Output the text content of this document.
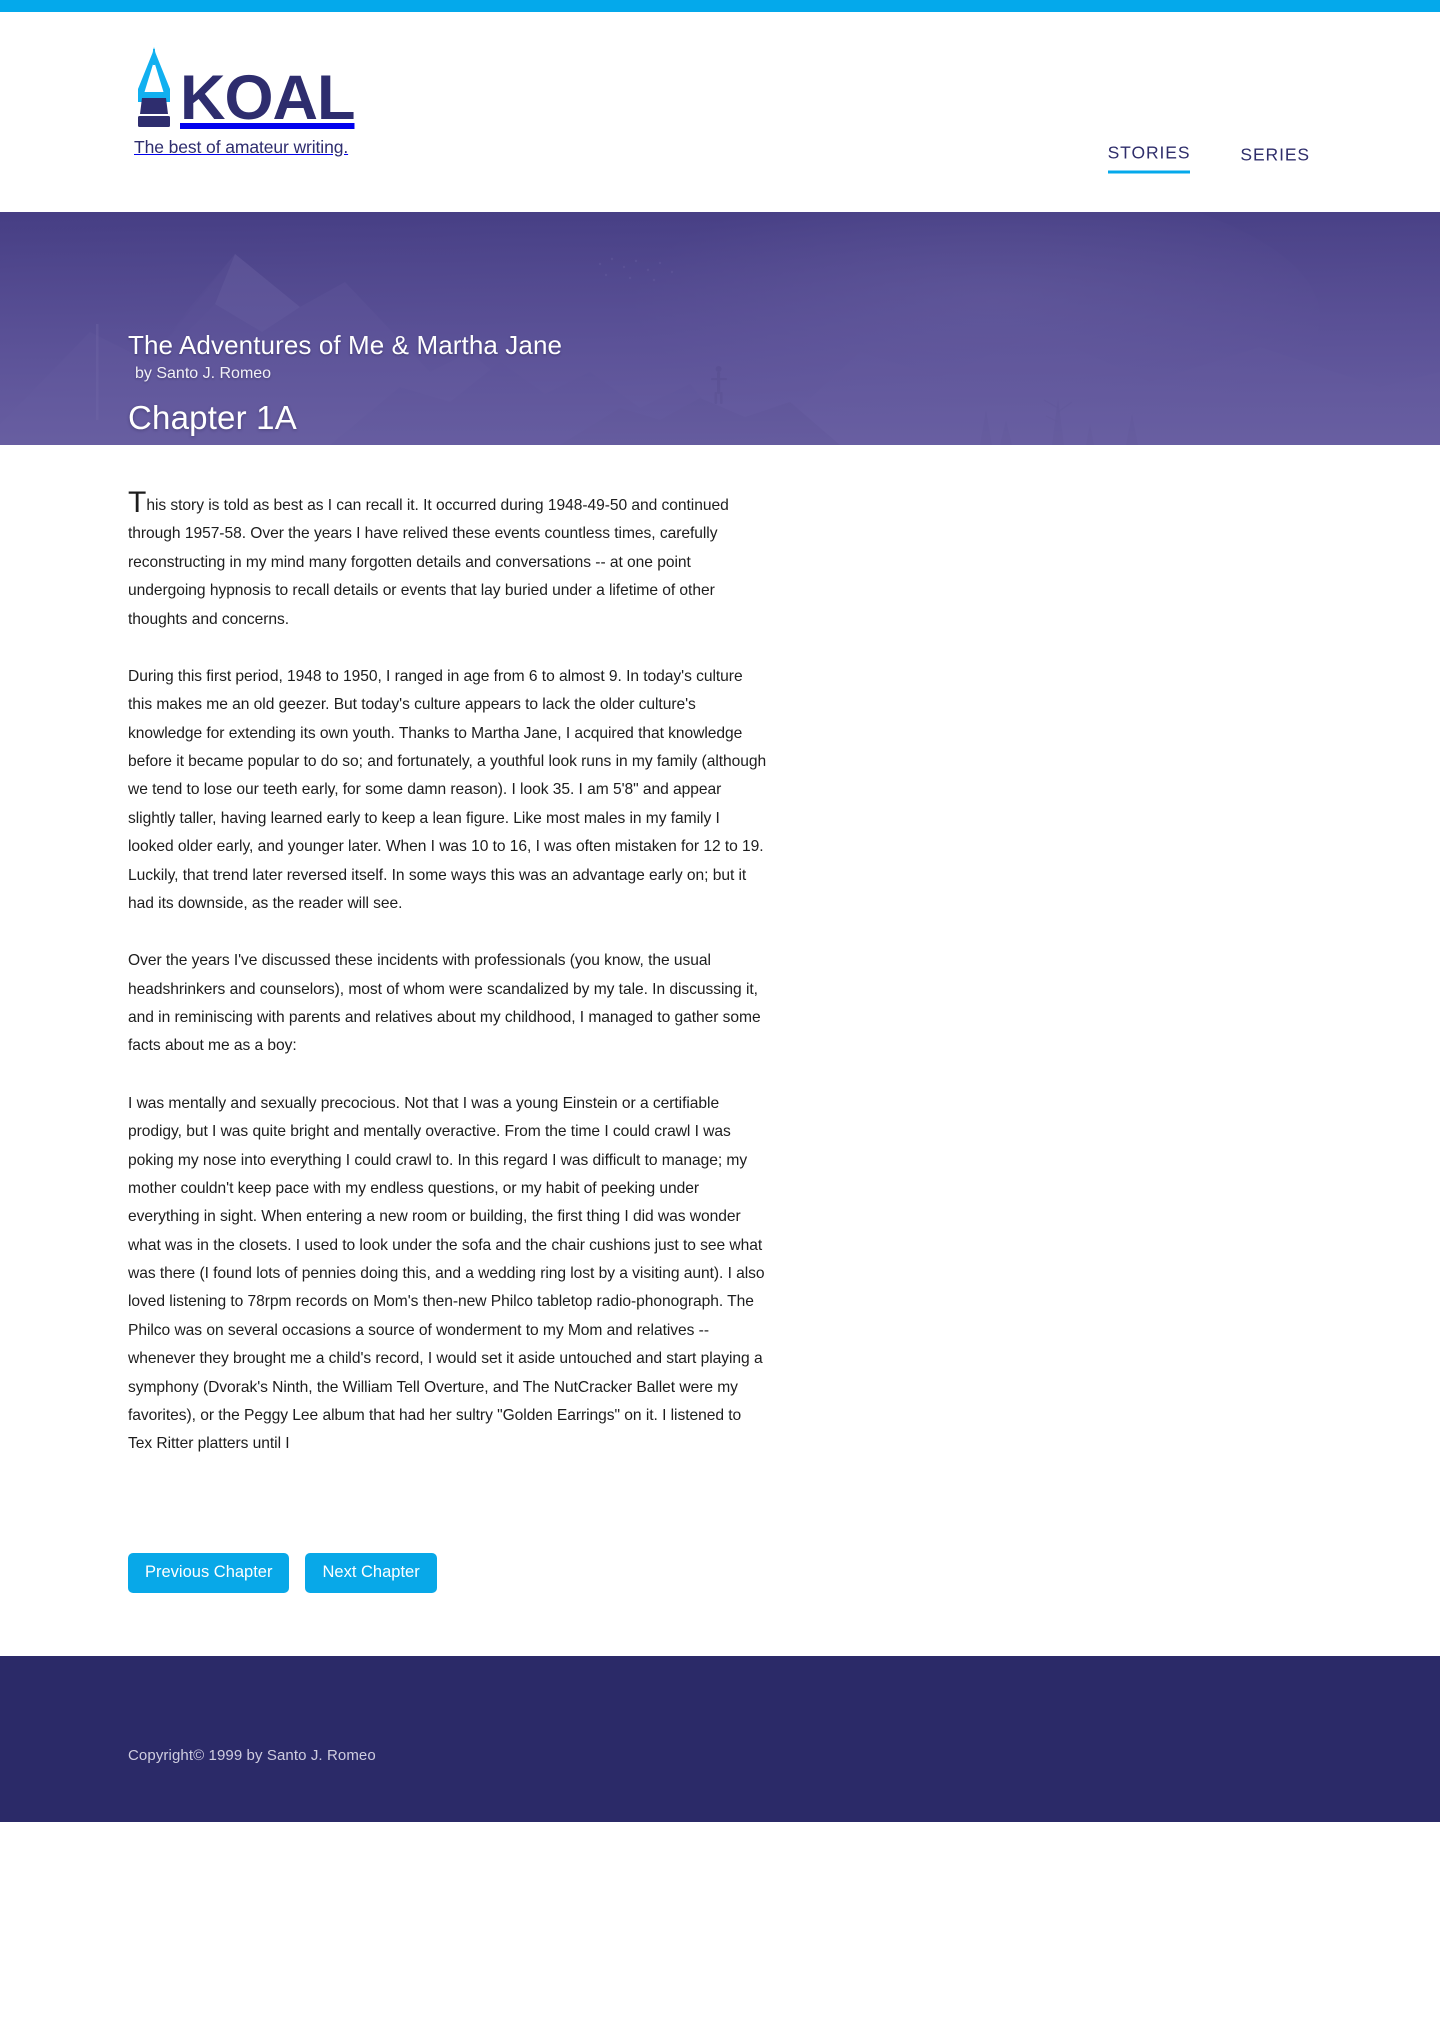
KOAL
The best of amateur writing.	STORIES	SERIES
The Adventures of Me & Martha Jane
by Santo J. Romeo
Chapter 1A

This story is told as best as I can recall it. It occurred during 1948-49-50 and continued through 1957-58. Over the years I have relived these events countless times, carefully reconstructing in my mind many forgotten details and conversations -- at one point undergoing hypnosis to recall details or events that lay buried under a lifetime of other thoughts and concerns.

During this first period, 1948 to 1950, I ranged in age from 6 to almost 9. In today's culture this makes me an old geezer. But today's culture appears to lack the older culture's knowledge for extending its own youth. Thanks to Martha Jane, I acquired that knowledge before it became popular to do so; and fortunately, a youthful look runs in my family (although we tend to lose our teeth early, for some damn reason). I look 35. I am 5'8" and appear slightly taller, having learned early to keep a lean figure. Like most males in my family I looked older early, and younger later. When I was 10 to 16, I was often mistaken for 12 to 19. Luckily, that trend later reversed itself. In some ways this was an advantage early on; but it had its downside, as the reader will see.

Over the years I've discussed these incidents with professionals (you know, the usual headshrinkers and counselors), most of whom were scandalized by my tale. In discussing it, and in reminiscing with parents and relatives about my childhood, I managed to gather some facts about me as a boy:

I was mentally and sexually precocious. Not that I was a young Einstein or a certifiable prodigy, but I was quite bright and mentally overactive. From the time I could crawl I was poking my nose into everything I could crawl to. In this regard I was difficult to manage; my mother couldn't keep pace with my endless questions, or my habit of peeking under everything in sight. When entering a new room or building, the first thing I did was wonder what was in the closets. I used to look under the sofa and the chair cushions just to see what was there (I found lots of pennies doing this, and a wedding ring lost by a visiting aunt). I also loved listening to 78rpm records on Mom's then-new Philco tabletop radio-phonograph. The Philco was on several occasions a source of wonderment to my Mom and relatives -- whenever they brought me a child's record, I would set it aside untouched and start playing a symphony (Dvorak's Ninth, the William Tell Overture, and The NutCracker Ballet were my favorites), or the Peggy Lee album that had her sultry "Golden Earrings" on it. I listened to Tex Ritter platters until I

Previous Chapter	Next Chapter
Copyright© 1999 by Santo J. Romeo
